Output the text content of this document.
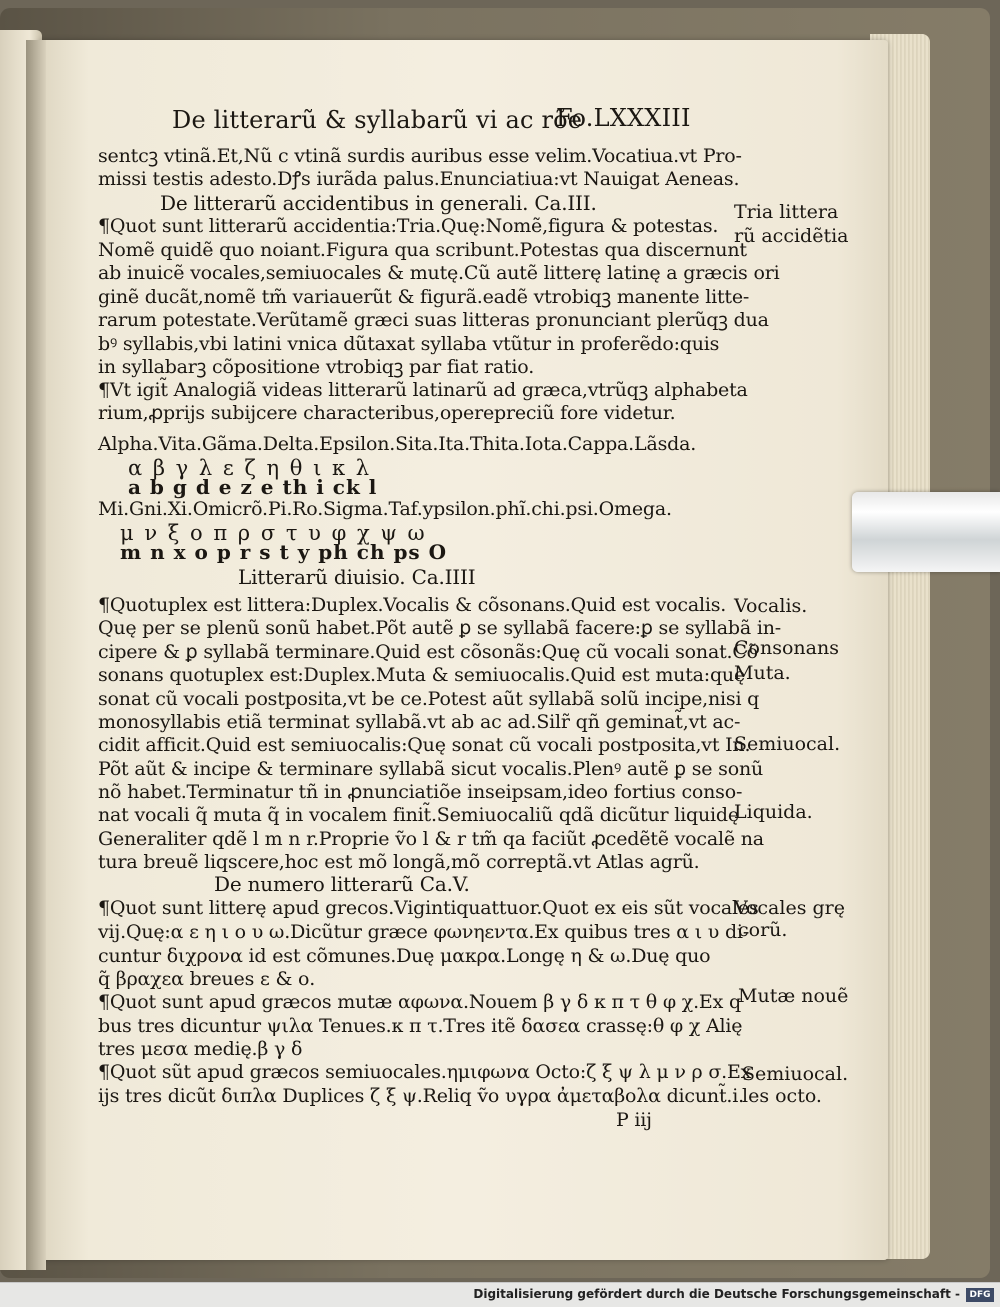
De litterarũ & syllabarũ vi ac rõe

Fo.LXXXIII

sentcꝫ vtinã.Et,Nũ c vtinã surdis auribus esse velim.Vocatiua.vt Pro-

missi testis adesto.Dꝭs iurãda palus.Enunciatiua:vt Nauigat Aeneas.

De litterarũ accidentibus in generali. Ca.III.

¶Quot sunt litterarũ accidentia:Tria.Quę:Nomẽ,figura & potestas.

Nomẽ quidẽ quo noiant.Figura qua scribunt.Potestas qua discernunt

ab inuicẽ vocales,semiuocales & mutę.Cũ autẽ litterę latinę a græcis ori

ginẽ ducãt,nomẽ tm̃ variauerũt & figurã.eadẽ vtrobiqꝫ manente litte-

rarum potestate.Verũtamẽ græci suas litteras pronunciant plerũqꝫ dua

bꝰ syllabis,vbi latini vnica dũtaxat syllaba vtũtur in proferẽdo:quis

in syllabarꝫ cõpositione vtrobiqꝫ par fiat ratio.

¶Vt igit̃ Analogiã videas litterarũ latinarũ ad græca,vtrũqꝫ alphabeta

rium,ꝓprijs subijcere characteribus,operepreciũ fore videtur.

Alpha.Vita.Gãma.Delta.Epsilon.Sita.Ita.Thita.Iota.Cappa.Lãsda.

α β γ λ ε ζ η θ ι κ λ

a b g d e z e th i ck l

Mi.Gni.Xi.Omicrõ.Pi.Ro.Sigma.Taf.ypsilon.phĩ.chi.psi.Omega.

μ ν ξ ο π ρ σ τ υ φ χ ψ ω

m n x o p r s t y ph ch ps O

Litterarũ diuisio. Ca.IIII

¶Quotuplex est littera:Duplex.Vocalis & cõsonans.Quid est vocalis.

Quę per se plenũ sonũ habet.Põt autẽ ꝑ se syllabã facere:ꝑ se syllabã in-

cipere & ꝑ syllabã terminare.Quid est cõsonãs:Quę cũ vocali sonat.Cõ

sonans quotuplex est:Duplex.Muta & semiuocalis.Quid est muta:quę

sonat cũ vocali postposita,vt be ce.Potest aũt syllabã solũ incipe,nisi q

monosyllabis etiã terminat syllabã.vt ab ac ad.Silr̃ qñ geminat̃,vt ac-

cidit afficit.Quid est semiuocalis:Quę sonat cũ vocali postposita,vt In.

Põt aũt & incipe & terminare syllabã sicut vocalis.Plenꝰ autẽ ꝑ se sonũ

nõ habet.Terminatur tñ in ꝓnunciatiõe inseipsam,ideo fortius conso-

nat vocali q̃ muta q̃ in vocalem finit̃.Semiuocaliũ qdã dicũtur liquidę

Generaliter qdẽ l m n r.Proprie ṽo l & r tm̃ qa faciũt ꝓcedẽtẽ vocalẽ na

tura breuẽ liqscere,hoc est mõ longã,mõ correptã.vt Atlas agrũ.

De numero litterarũ Ca.V.

¶Quot sunt litterę apud grecos.Vigintiquattuor.Quot ex eis sũt vocales

vij.Quę:α ε η ι ο υ ω.Dicũtur græce φωνηεντα.Ex quibus tres α ι υ di-

cuntur διχρονα id est cõmunes.Duę μακρα.Longę η & ω.Duę quo

q̃ βραχεα breues ε & ο.

¶Quot sunt apud græcos mutæ αφωνα.Nouem β γ δ κ π τ θ φ χ.Ex q

bus tres dicuntur ψιλα Tenues.κ π τ.Tres itẽ δασεα crassę:θ φ χ Alię

tres μεσα medię.β γ δ

¶Quot sũt apud græcos semiuocales.ημιφωνα Octo:ζ ξ ψ λ μ ν ρ σ.Ex

ijs tres dicũt διπλα Duplices ζ ξ ψ.Reliq ṽo υγρα ἀμεταβολα dicunt̃.i.

P iij

Tria littera
rũ accidẽtia
Vocalis.
Consonans
Muta.
Semiuocal.
Liquida.
Vocales grę
corũ.
Mutæ nouẽ
Semiuocal.
les octo.
Digitalisierung gefördert durch die Deutsche Forschungsgemeinschaft -	DFG
